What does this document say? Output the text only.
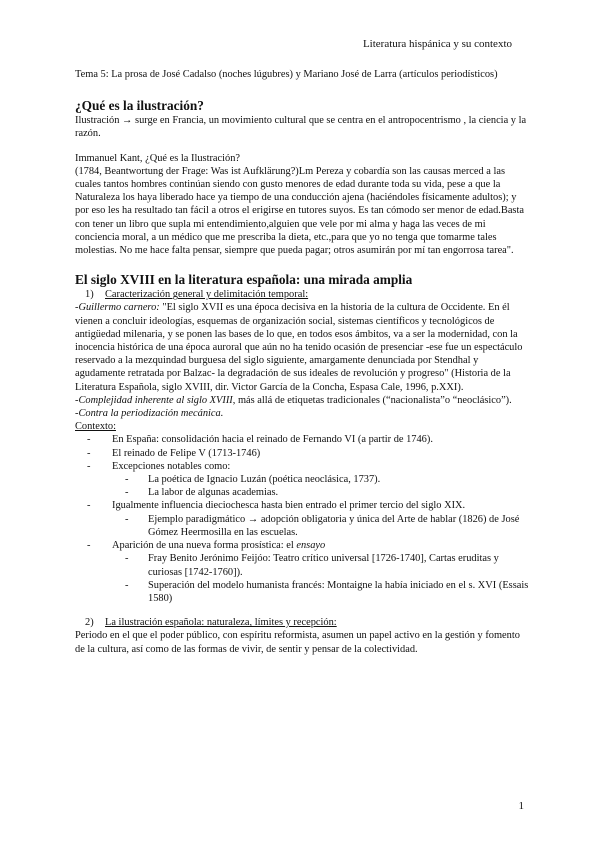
Literatura hispánica y su contexto

Tema 5: La prosa de José Cadalso (noches lúgubres) y Mariano José de Larra (artículos periodísticos)

¿Qué es la ilustración?

Ilustración → surge en Francia, un movimiento cultural que se centra en el antropocentrismo , la ciencia y la razón.

Immanuel Kant, ¿Qué es la Ilustración?

(1784, Beantwortung der Frage: Was ist Aufklärung?)Lm Pereza y cobardía son las causas merced a las cuales tantos hombres continúan siendo con gusto menores de edad durante toda su vida, pese a que la Naturaleza los haya liberado hace ya tiempo de una conducción ajena (haciéndoles físicamente adultos); y por eso les ha resultado tan fácil a otros el erigirse en tutores suyos. Es tan cómodo ser menor de edad.Basta con tener un libro que supla mi entendimiento,alguien que vele por mi alma y haga las veces de mi conciencia moral, a un médico que me prescriba la dieta, etc.,para que yo no tenga que tomarme tales molestias. No me hace falta pensar, siempre que pueda pagar; otros asumirán por mí tan engorrosa tarea".

El siglo XVIII en la literatura española: una mirada amplia

1) Caracterización general y delimitación temporal:

-Guillermo carnero: "El siglo XVII es una época decisiva en la historia de la cultura de Occidente. En él vienen a concluir ideologías, esquemas de organización social, sistemas científicos y tecnológicos de antigüedad milenaria, y se ponen las bases de lo que, en todos esos ámbitos, va a ser la modernidad, con la inocencia histórica de una época auroral que aún no ha tenido ocasión de presenciar -ese fue un espectáculo reservado a la mezquindad burguesa del siglo siguiente, amargamente denunciada por Stendhal y agudamente retratada por Balzac- la degradación de sus ideales de revolución y progreso" (Historia de la Literatura Española, siglo XVIII, dir. Victor García de la Concha, Espasa Cale, 1996, p.XXI).

-Complejidad inherente al siglo XVIII, más allá de etiquetas tradicionales (“nacionalista”o “neoclásico”).

-Contra la periodización mecánica.

Contexto:

- En España: consolidación hacia el reinado de Fernando VI (a partir de 1746).
- El reinado de Felipe V (1713-1746)
- Excepciones notables como:
- La poética de Ignacio Luzán (poética neoclásica, 1737).
- La labor de algunas academias.
- Igualmente influencia dieciochesca hasta bien entrado el primer tercio del siglo XIX.
- Ejemplo paradigmático → adopción obligatoria y única del Arte de hablar (1826) de José Gómez Heermosilla en las escuelas.
- Aparición de una nueva forma prosística: el ensayo
- Fray Benito Jerónimo Feijóo: Teatro crítico universal [1726-1740], Cartas eruditas y curiosas [1742-1760]).
- Superación del modelo humanista francés: Montaigne la había iniciado en el s. XVI (Essais 1580)

2) La ilustración española: naturaleza, límites y recepción:

Periodo en el que el poder público, con espíritu reformista, asumen un papel activo en la gestión y fomento de la cultura, así como de las formas de vivir, de sentir y pensar de la colectividad.

1
